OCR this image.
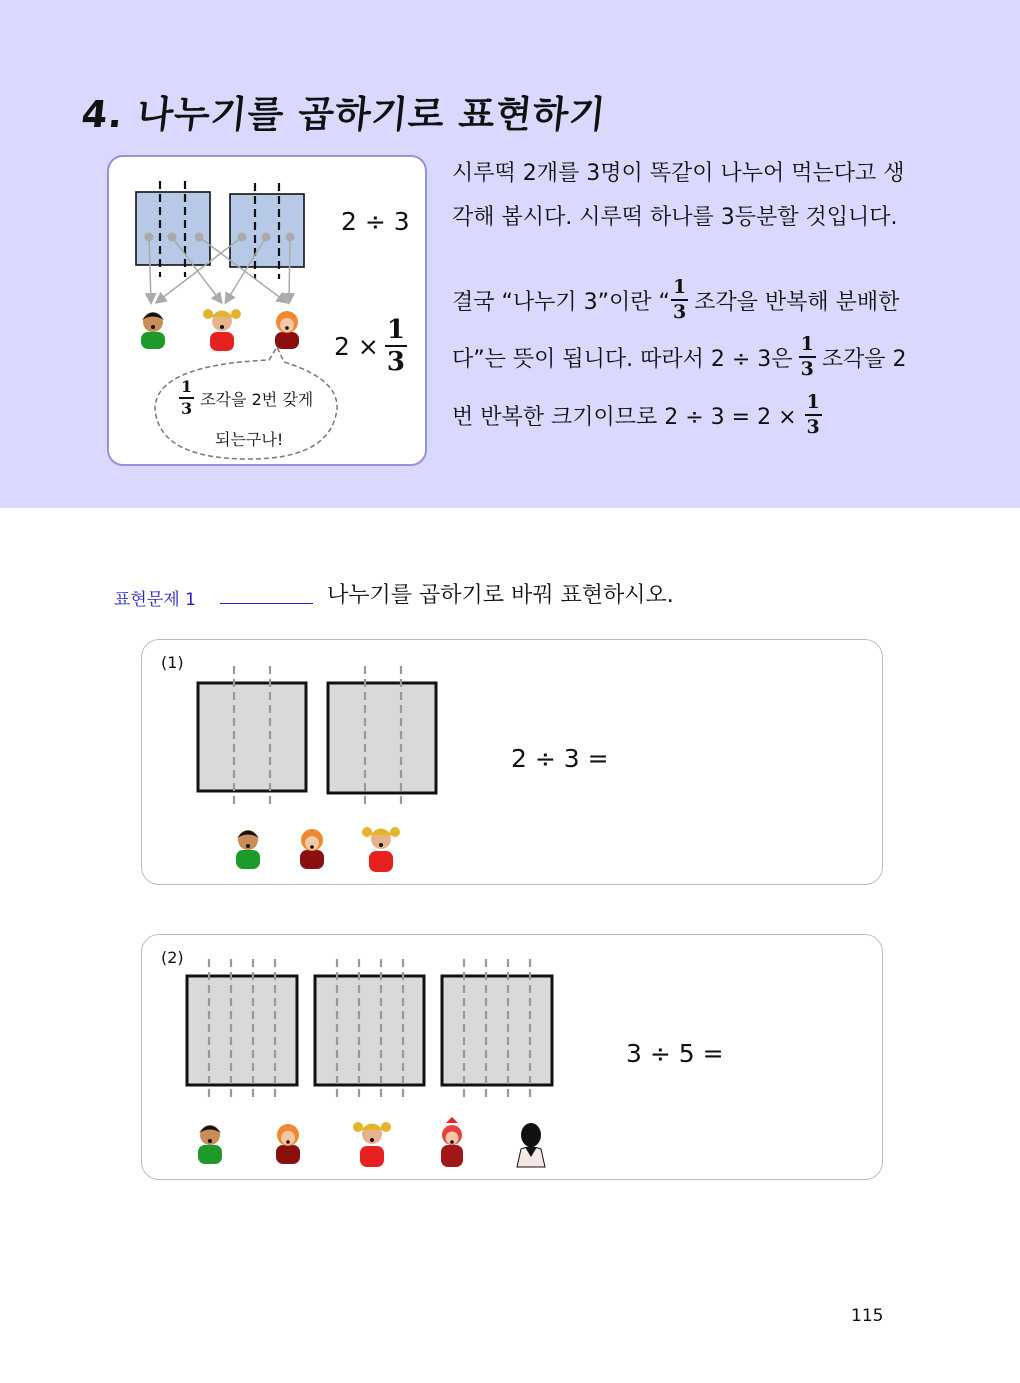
4. 나누기를 곱하기로 표현하기
2 ÷ 3
$2 \times \frac{1}{3}$
$\frac{1}{3}$ 조각을 2번 갖게
되는구나!
시루떡 2개를 3명이 똑같이 나누어 먹는다고 생
각해 봅시다. 시루떡 하나를 3등분할 것입니다.
결국 “나누기 3”이란 “ $\frac{1}{3}$ 조각을 반복해 분배한
다”는 뜻이 됩니다. 따라서 2 ÷ 3은 $\frac{1}{3}$ 조각을 2
번 반복한 크기이므로 $2 \div 3 = 2 \times \frac{1}{3}$
표현문제 1	나누기를 곱하기로 바꿔 표현하시오.
(1)
2 ÷ 3 =
(2)
3 ÷ 5 =
115
